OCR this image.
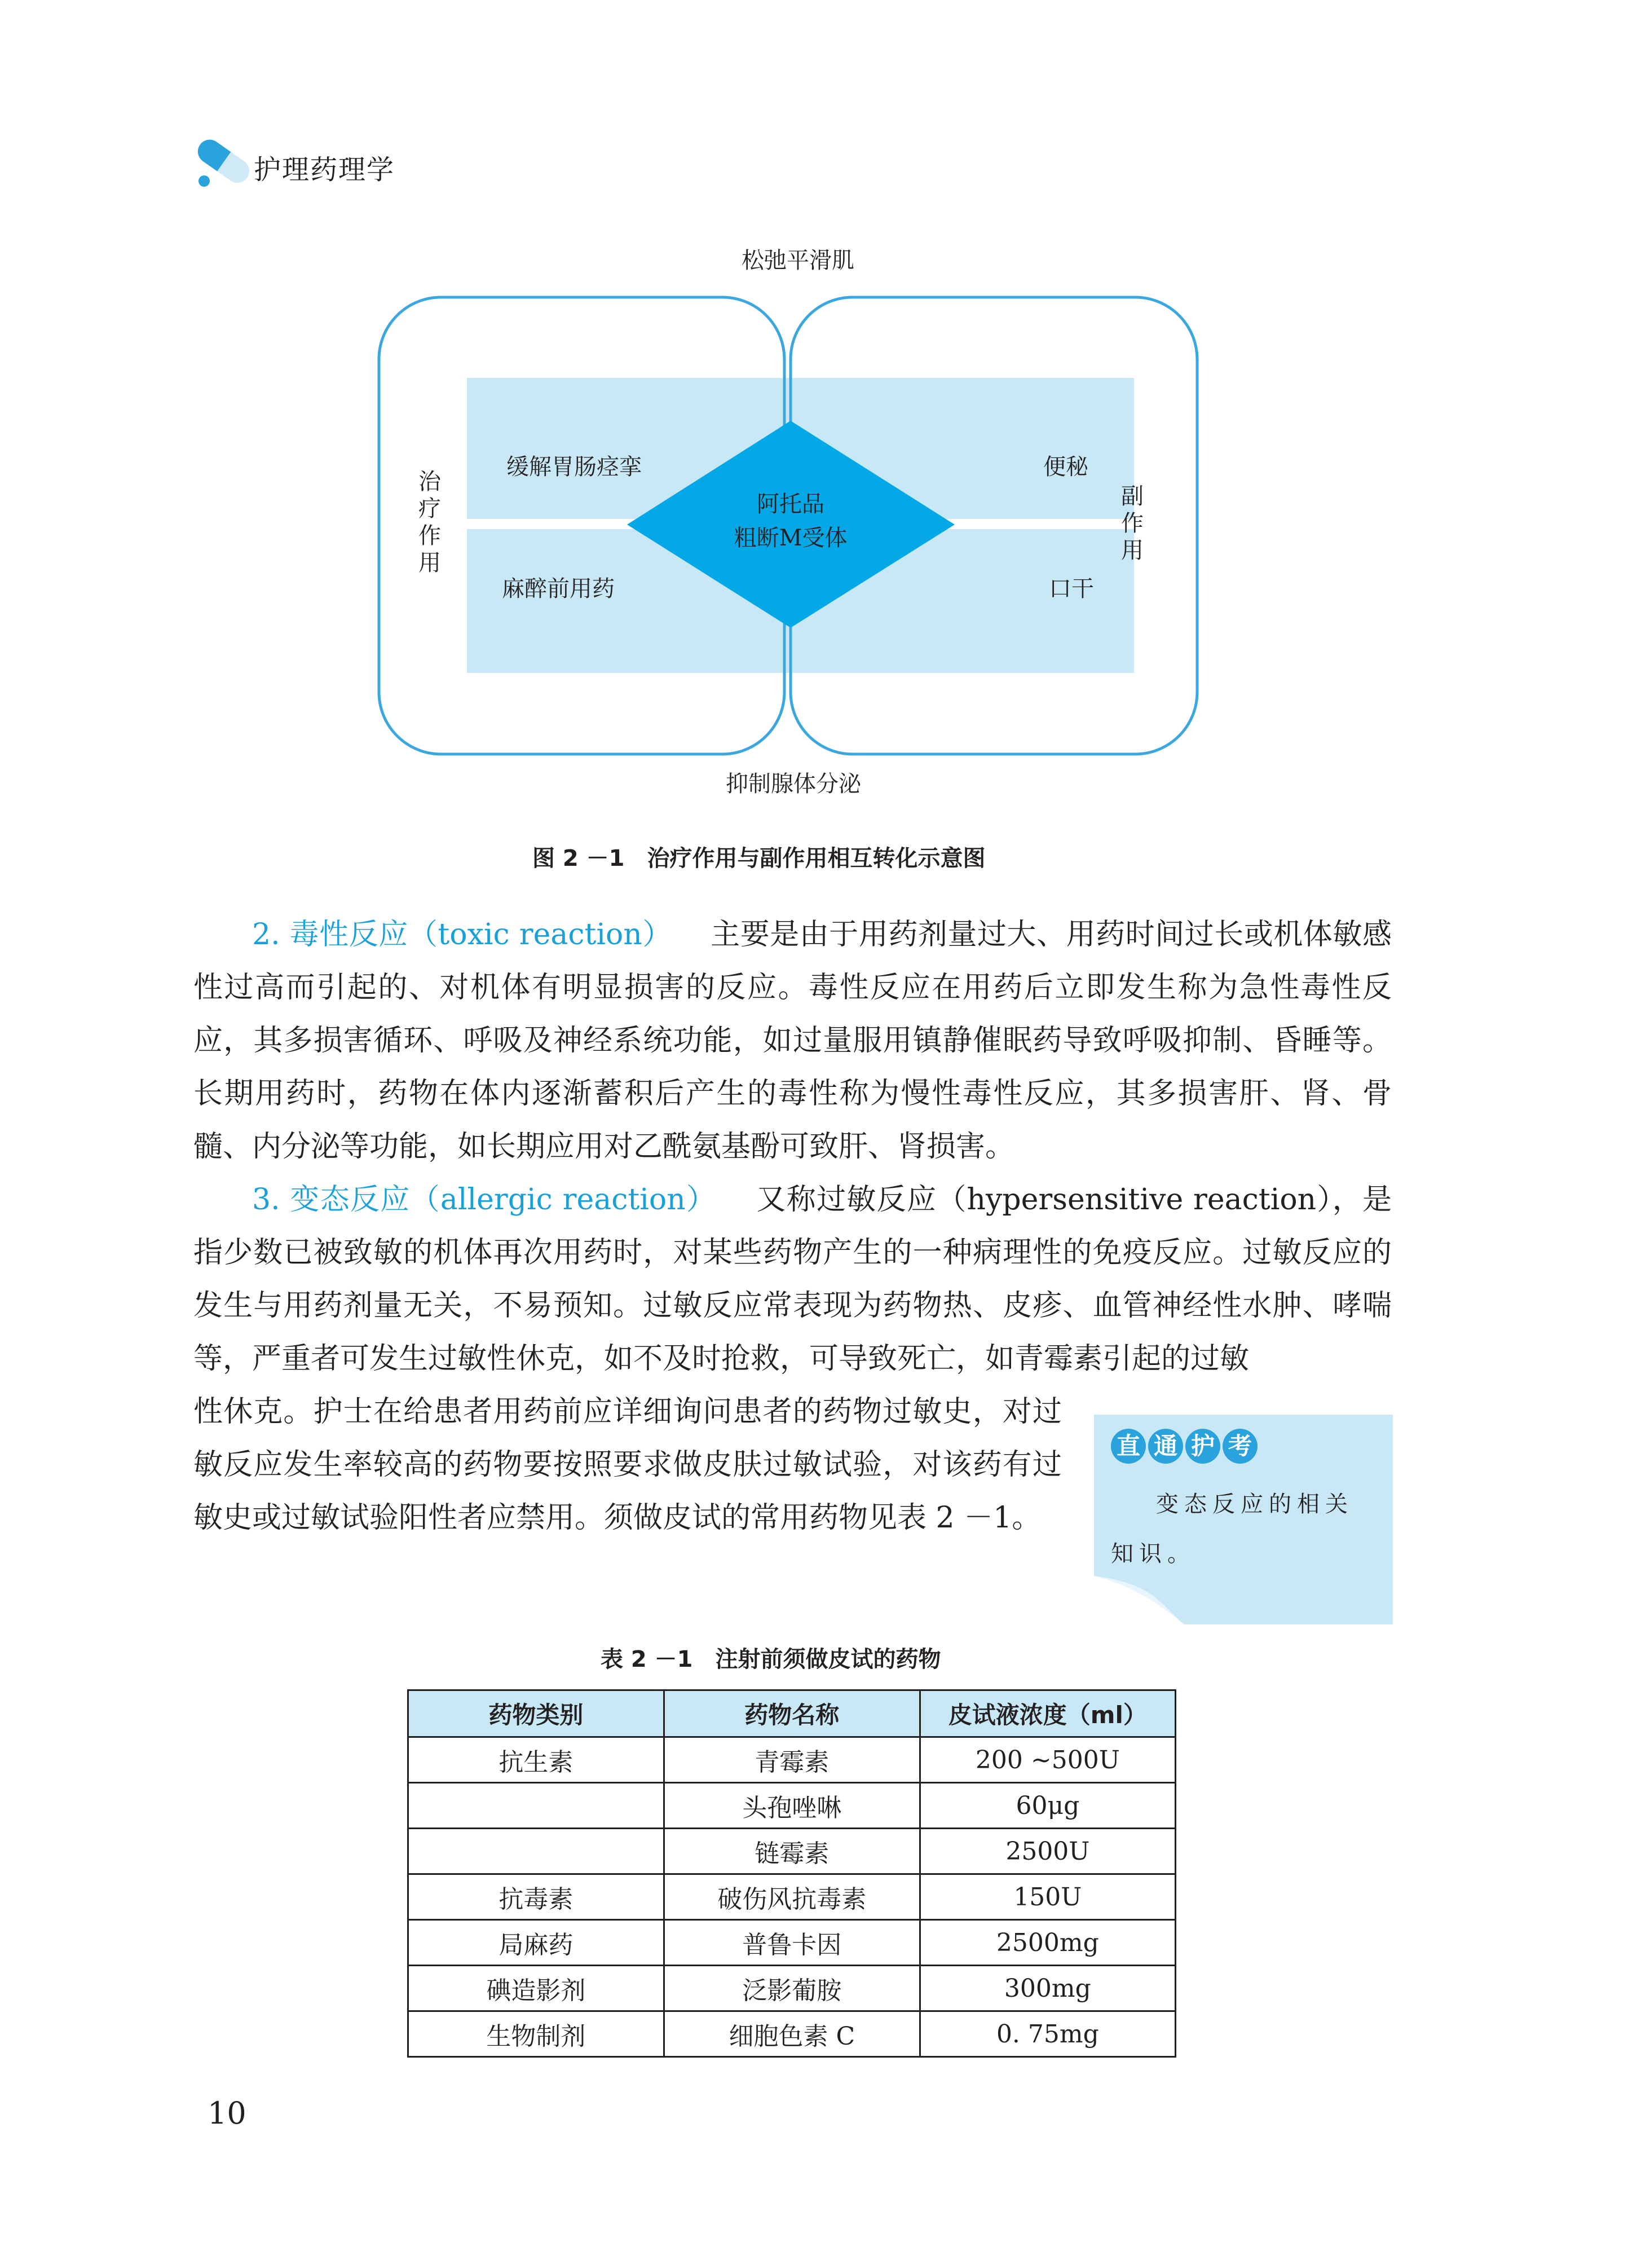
护理药理学
松弛平滑肌
抑制腺体分泌
治
疗
作
用
副
作
用
阿托品
粗断M受体
缓解胃肠痉挛
麻醉前用药
便秘
口干
图 2 －1　治疗作用与副作用相互转化示意图
2. 毒性反应（toxic reaction） 主要是由于用药剂量过大、用药时间过长或机体敏感性过高而引起的、对机体有明显损害的反应。毒性反应在用药后立即发生称为急性毒性反应，其多损害循环、呼吸及神经系统功能，如过量服用镇静催眠药导致呼吸抑制、昏睡等。长期用药时，药物在体内逐渐蓄积后产生的毒性称为慢性毒性反应，其多损害肝、肾、骨髓、内分泌等功能，如长期应用对乙酰氨基酚可致肝、肾损害。
3. 变态反应（allergic reaction） 又称过敏反应（hypersensitive reaction），是指少数已被致敏的机体再次用药时，对某些药物产生的一种病理性的免疫反应。过敏反应的发生与用药剂量无关，不易预知。过敏反应常表现为药物热、皮疹、血管神经性水肿、哮喘等，严重者可发生过敏性休克，如不及时抢救，可导致死亡，如青霉素引起的过敏
性休克。护士在给患者用药前应详细询问患者的药物过敏史，对过敏反应发生率较高的药物要按照要求做皮肤过敏试验，对该药有过敏史或过敏试验阳性者应禁用。须做皮试的常用药物见表 2 －1。
直 通 护 考
变态反应的相关知识。
表 2 －1　注射前须做皮试的药物
药物类别	药物名称	皮试液浓度（ml）
抗生素	青霉素	200 ~500U
	头孢唑啉	60μg
	链霉素	2500U
抗毒素	破伤风抗毒素	150U
局麻药	普鲁卡因	2500mg
碘造影剂	泛影葡胺	300mg
生物制剂	细胞色素 C	0. 75mg
10
